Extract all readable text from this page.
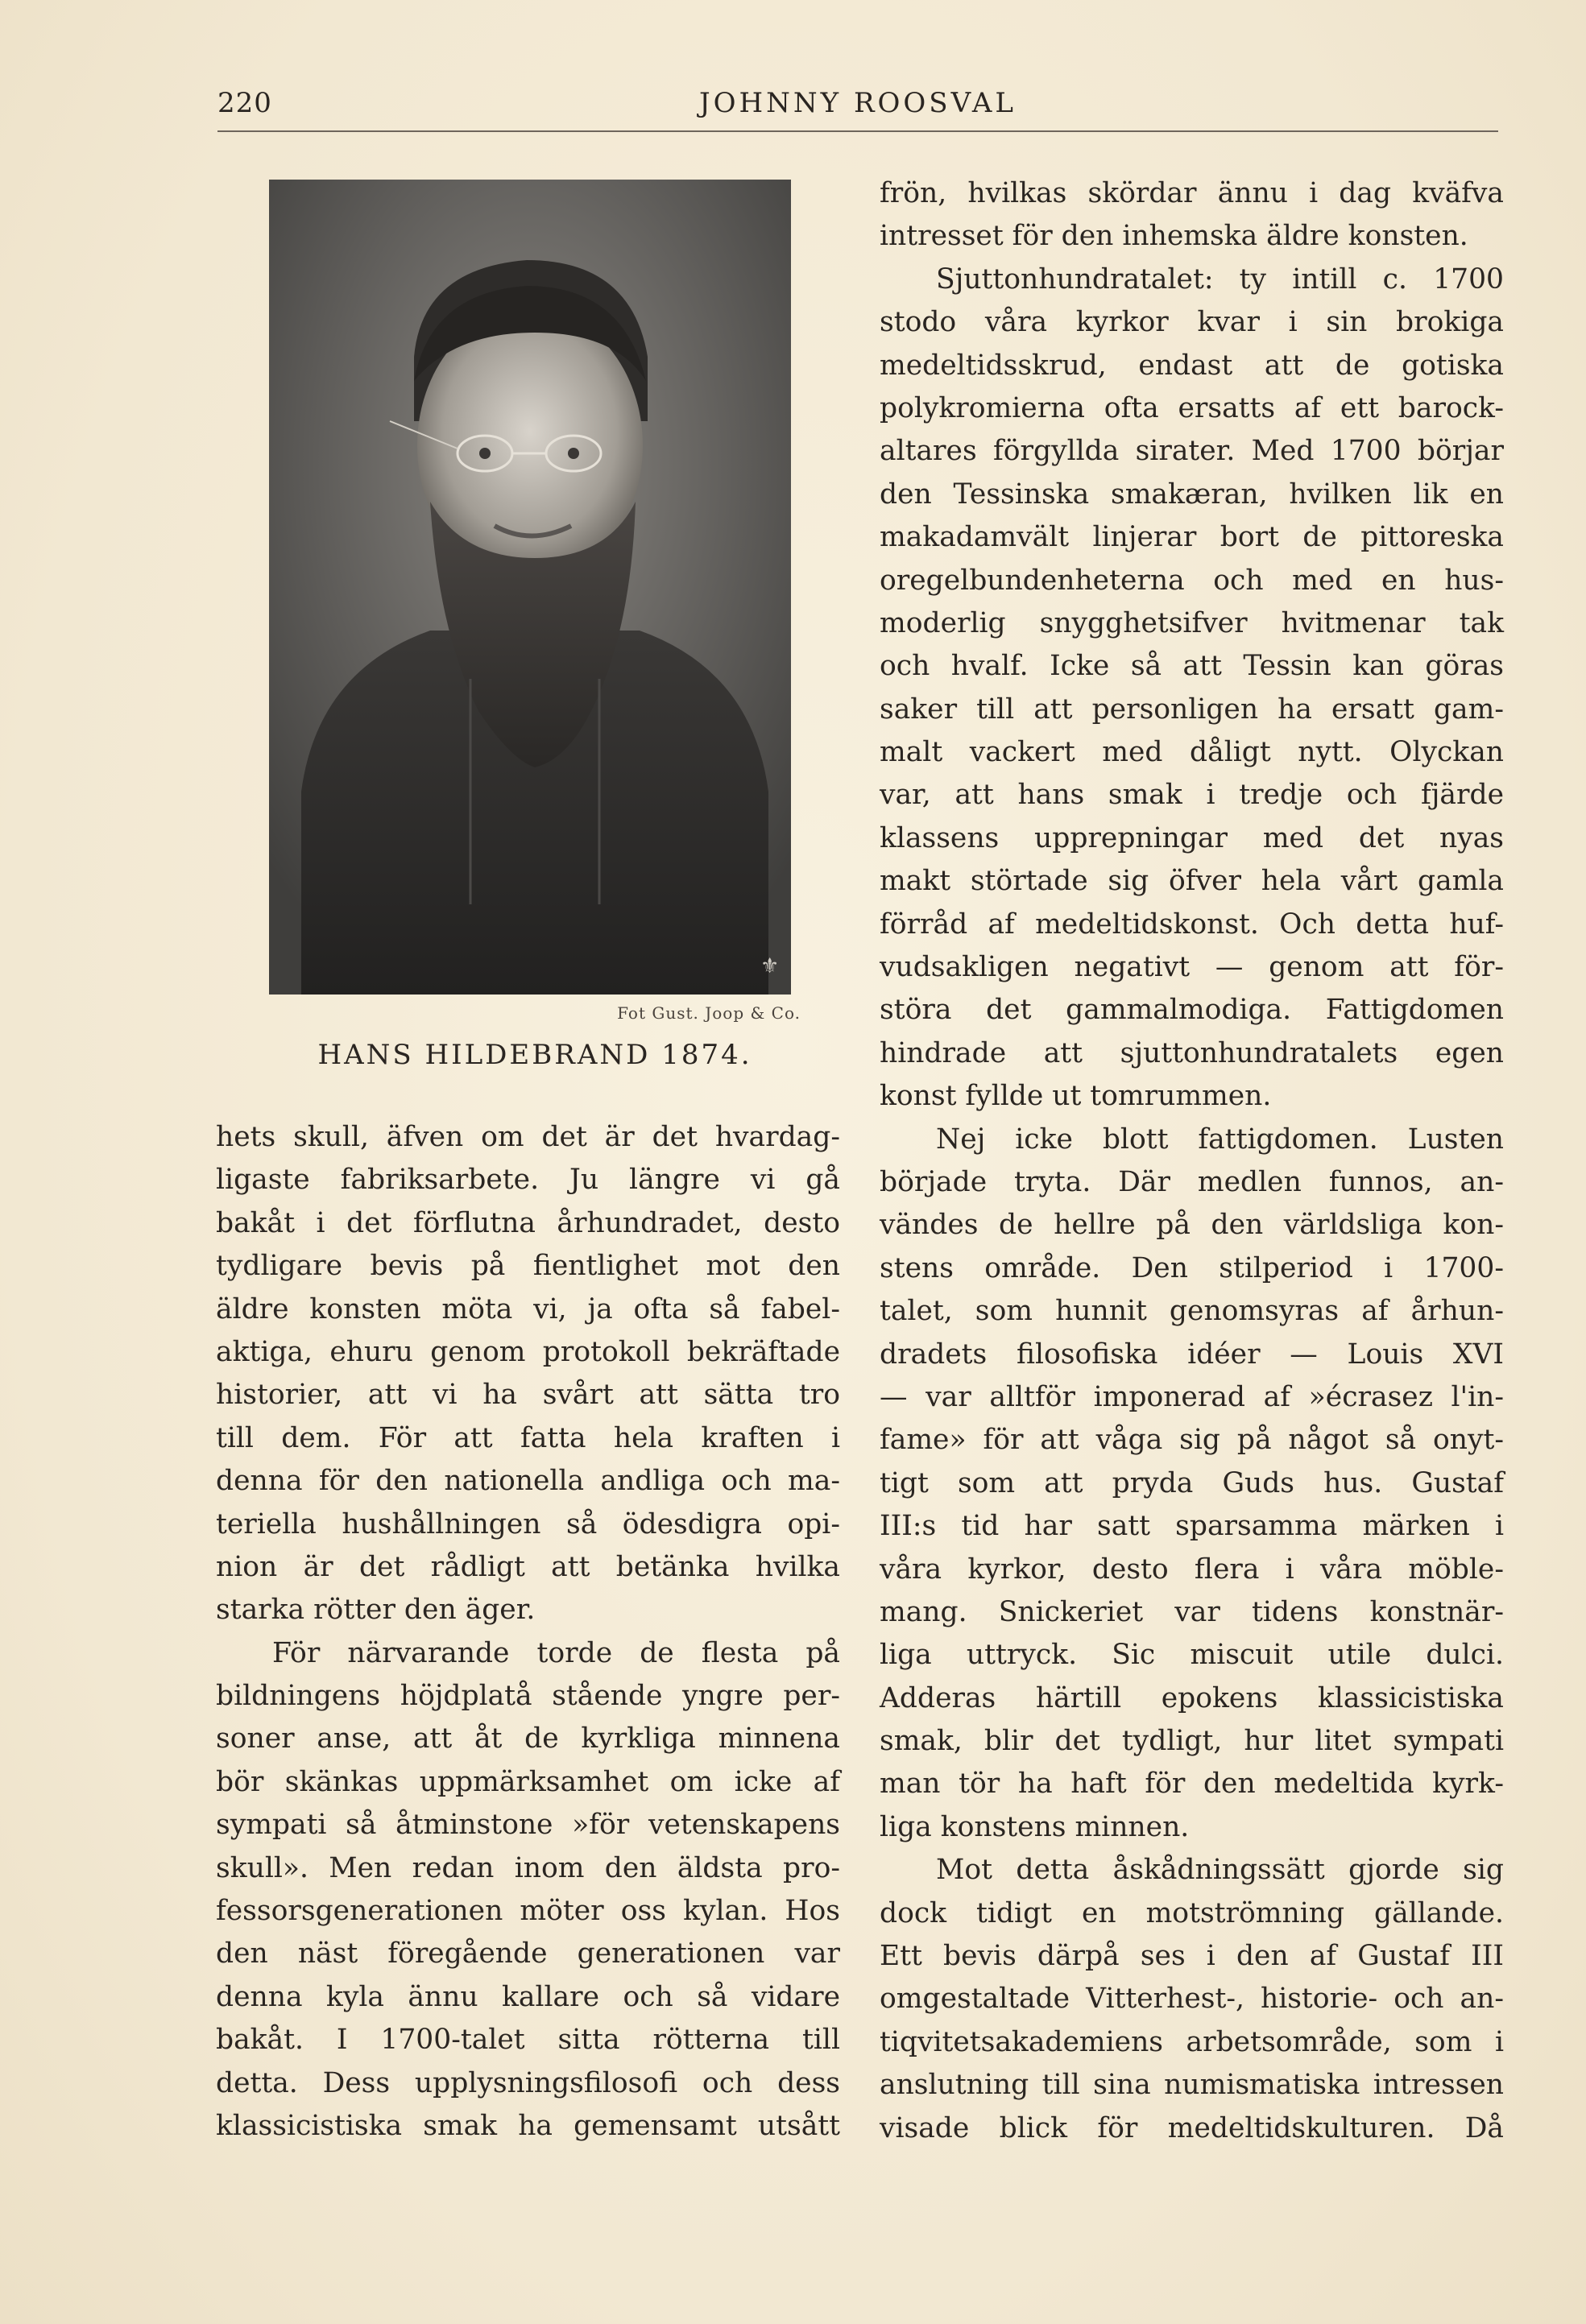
220	JOHNNY ROOSVAL
⚜
Fot Gust. Joop & Co.
HANS HILDEBRAND 1874.
hets skull, äfven om det är det hvardag-
ligaste fabriksarbete. Ju längre vi gå
bakåt i det förflutna århundradet, desto
tydligare bevis på fientlighet mot den
äldre konsten möta vi, ja ofta så fabel-
aktiga, ehuru genom protokoll bekräftade
historier, att vi ha svårt att sätta tro
till dem. För att fatta hela kraften i
denna för den nationella andliga och ma-
teriella hushållningen så ödesdigra opi-
nion är det rådligt att betänka hvilka
starka rötter den äger.
För närvarande torde de flesta på
bildningens höjdplatå stående yngre per-
soner anse, att åt de kyrkliga minnena
bör skänkas uppmärksamhet om icke af
sympati så åtminstone »för vetenskapens
skull». Men redan inom den äldsta pro-
fessorsgenerationen möter oss kylan. Hos
den näst föregående generationen var
denna kyla ännu kallare och så vidare
bakåt. I 1700-talet sitta rötterna till
detta. Dess upplysningsfilosofi och dess
klassicistiska smak ha gemensamt utsått
frön, hvilkas skördar ännu i dag kväfva
intresset för den inhemska äldre konsten.
Sjuttonhundratalet: ty intill c. 1700
stodo våra kyrkor kvar i sin brokiga
medeltidsskrud, endast att de gotiska
polykromierna ofta ersatts af ett barock-
altares förgyllda sirater. Med 1700 börjar
den Tessinska smakæran, hvilken lik en
makadamvält linjerar bort de pittoreska
oregelbundenheterna och med en hus-
moderlig snygghetsifver hvitmenar tak
och hvalf. Icke så att Tessin kan göras
saker till att personligen ha ersatt gam-
malt vackert med dåligt nytt. Olyckan
var, att hans smak i tredje och fjärde
klassens upprepningar med det nyas
makt störtade sig öfver hela vårt gamla
förråd af medeltidskonst. Och detta huf-
vudsakligen negativt — genom att för-
störa det gammalmodiga. Fattigdomen
hindrade att sjuttonhundratalets egen
konst fyllde ut tomrummen.
Nej icke blott fattigdomen. Lusten
började tryta. Där medlen funnos, an-
vändes de hellre på den världsliga kon-
stens område. Den stilperiod i 1700-
talet, som hunnit genomsyras af århun-
dradets filosofiska idéer — Louis XVI
— var alltför imponerad af »écrasez l'in-
fame» för att våga sig på något så onyt-
tigt som att pryda Guds hus. Gustaf
III:s tid har satt sparsamma märken i
våra kyrkor, desto flera i våra möble-
mang. Snickeriet var tidens konstnär-
liga uttryck. Sic miscuit utile dulci.
Adderas härtill epokens klassicistiska
smak, blir det tydligt, hur litet sympati
man tör ha haft för den medeltida kyrk-
liga konstens minnen.
Mot detta åskådningssätt gjorde sig
dock tidigt en motströmning gällande.
Ett bevis därpå ses i den af Gustaf III
omgestaltade Vitterhest-, historie- och an-
tiqvitetsakademiens arbetsområde, som i
anslutning till sina numismatiska intressen
visade blick för medeltidskulturen. Då
